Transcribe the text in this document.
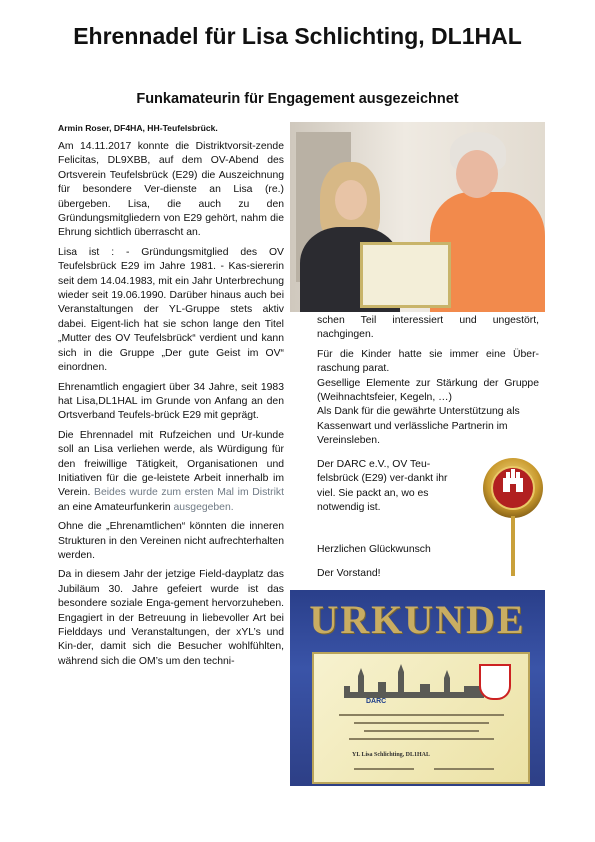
Ehrennadel für Lisa Schlichting, DL1HAL
Funkamateurin für Engagement ausgezeichnet

Armin Roser, DF4HA, HH-Teufelsbrück.

Am 14.11.2017 konnte die Distriktvorsit-zende Felicitas, DL9XBB, auf dem OV-Abend des Ortsverein Teufelsbrück (E29) die Auszeichnung für besondere Ver-dienste an Lisa (re.) übergeben. Lisa, die auch zu den Gründungsmitgliedern von E29 gehört, nahm die Ehrung sichtlich überrascht an.

Lisa ist : - Gründungsmitglied des OV Teufelsbrück E29 im Jahre 1981. - Kas-siererin seit dem 14.04.1983, mit ein Jahr Unterbrechung wieder seit 19.06.1990. Darüber hinaus auch bei Veranstaltungen der YL-Gruppe stets aktiv dabei. Eigent-lich hat sie schon lange den Titel „Mutter des OV Teufelsbrück“ verdient und kann sich in die Gruppe „Der gute Geist im OV“ einordnen.

Ehrenamtlich engagiert über 34 Jahre, seit 1983 hat Lisa,DL1HAL im Grunde von Anfang an den Ortsverband Teufels-brück E29 mit geprägt.

Die Ehrennadel mit Rufzeichen und Ur-kunde soll an Lisa verliehen werde, als Würdigung für den freiwillige Tätigkeit, Organisationen und Initiativen für die ge-leistete Arbeit innerhalb im Verein. Beides wurde zum ersten Mal im Distrikt an eine Amateurfunkerin ausgegeben.

Ohne die „Ehrenamtlichen“ könnten die inneren Strukturen in den Vereinen nicht aufrechterhalten werden.

Da in diesem Jahr der jetzige Field-dayplatz das Jubiläum 30. Jahre gefeiert wurde ist das besondere soziale Enga-gement hervorzuheben. Engagiert in der Betreuung in liebevoller Art bei Fielddays und Veranstaltungen, der xYL’s und Kin-der, damit sich die Besucher wohlfühlten, während sich die OM’s um den techni-

schen Teil interessiert und ungestört, nachgingen.

Für die Kinder hatte sie immer eine Über-raschung parat.

Gesellige Elemente zur Stärkung der Gruppe (Weihnachtsfeier, Kegeln, …)

Als Dank für die gewährte Unterstützung als Kassenwart und verlässliche Partnerin im Vereinsleben.

Der DARC e.V., OV Teu-felsbrück (E29) ver-dankt ihr viel. Sie packt an, wo es notwendig ist.

Herzlichen Glückwunsch

Der Vorstand!

URKUNDE

DARC
YL Lisa Schlichting, DL1HAL
